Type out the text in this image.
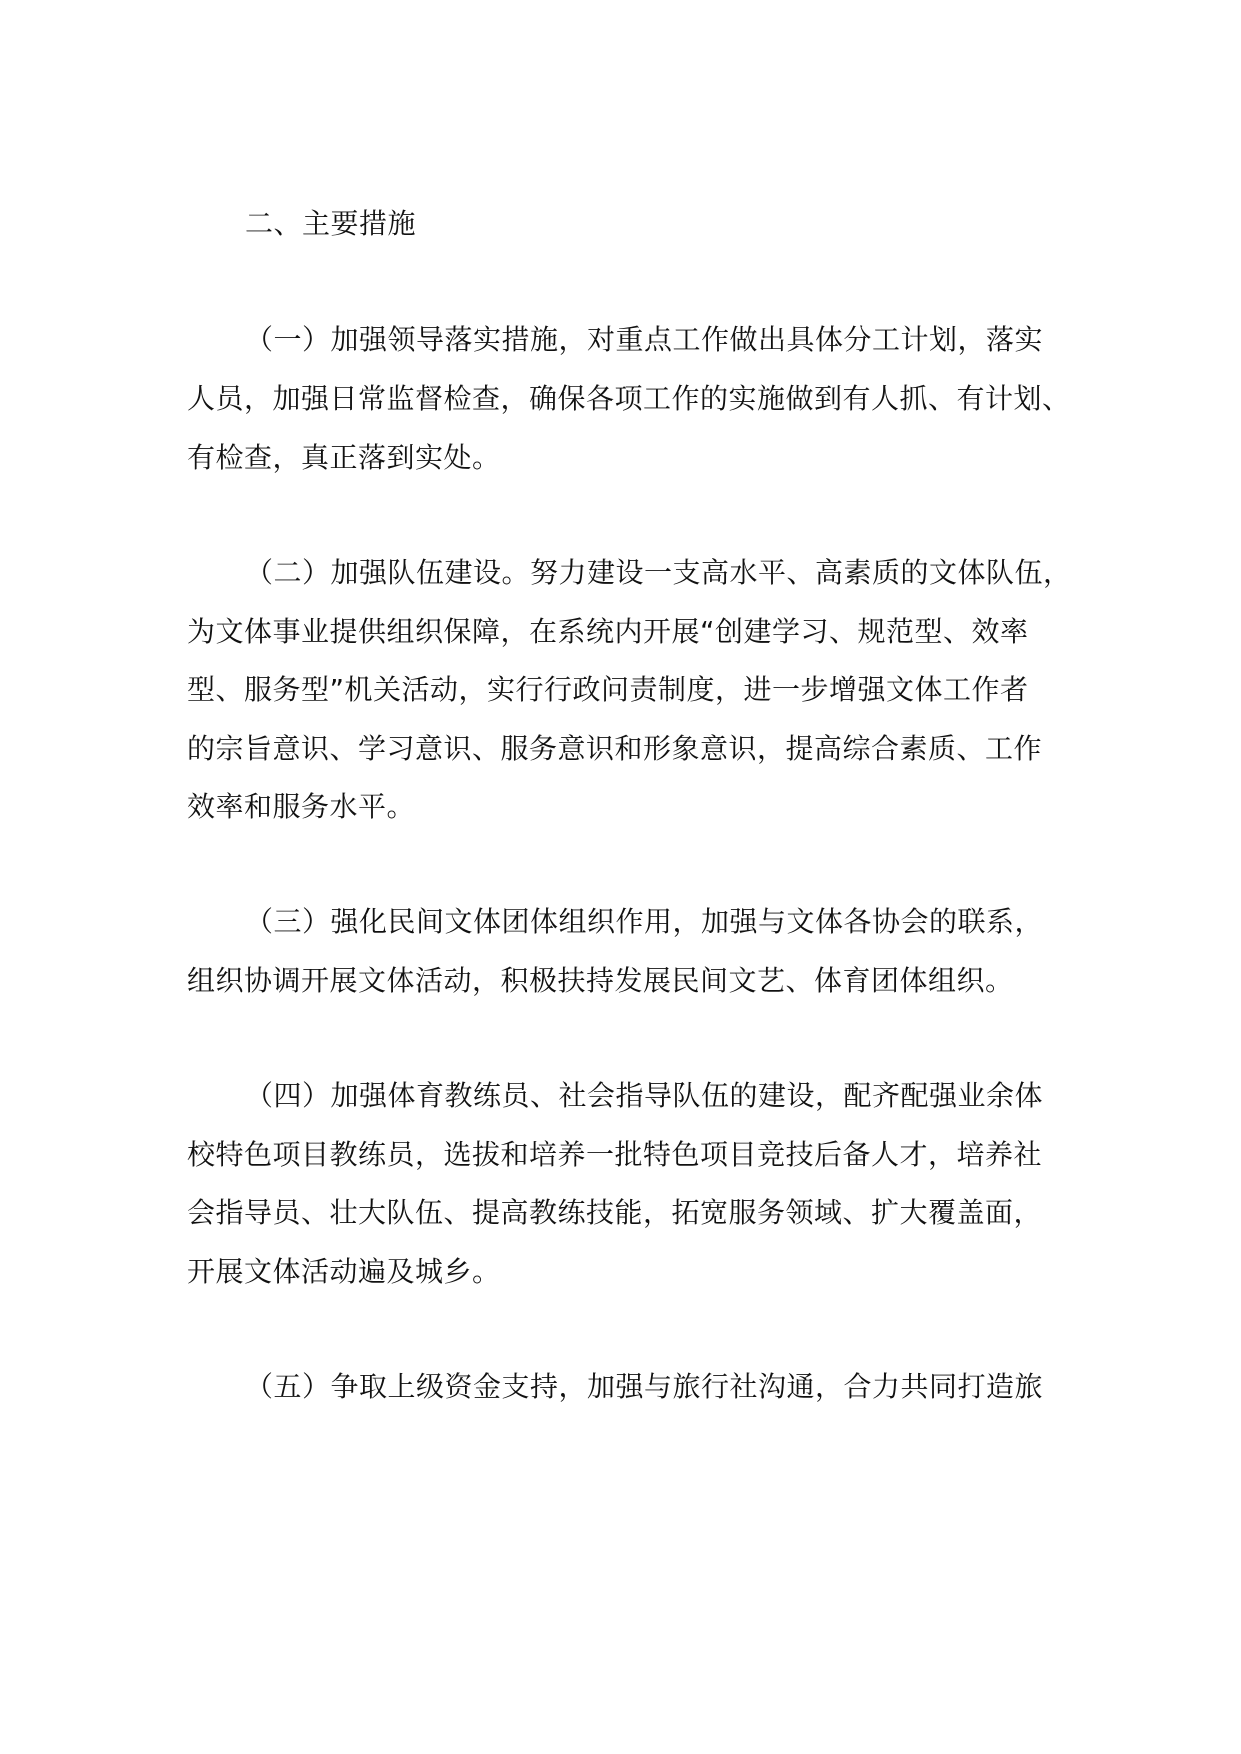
二、主要措施

（一）加强领导落实措施，对重点工作做出具体分工计划，落实

人员，加强日常监督检查，确保各项工作的实施做到有人抓、有计划、

有检查，真正落到实处。

（二）加强队伍建设。努力建设一支高水平、高素质的文体队伍，

为文体事业提供组织保障，在系统内开展“创建学习、规范型、效率

型、服务型”机关活动，实行行政问责制度，进一步增强文体工作者

的宗旨意识、学习意识、服务意识和形象意识，提高综合素质、工作

效率和服务水平。

（三）强化民间文体团体组织作用，加强与文体各协会的联系，

组织协调开展文体活动，积极扶持发展民间文艺、体育团体组织。

（四）加强体育教练员、社会指导队伍的建设，配齐配强业余体

校特色项目教练员，选拔和培养一批特色项目竞技后备人才，培养社

会指导员、壮大队伍、提高教练技能，拓宽服务领域、扩大覆盖面，

开展文体活动遍及城乡。

（五）争取上级资金支持，加强与旅行社沟通，合力共同打造旅
